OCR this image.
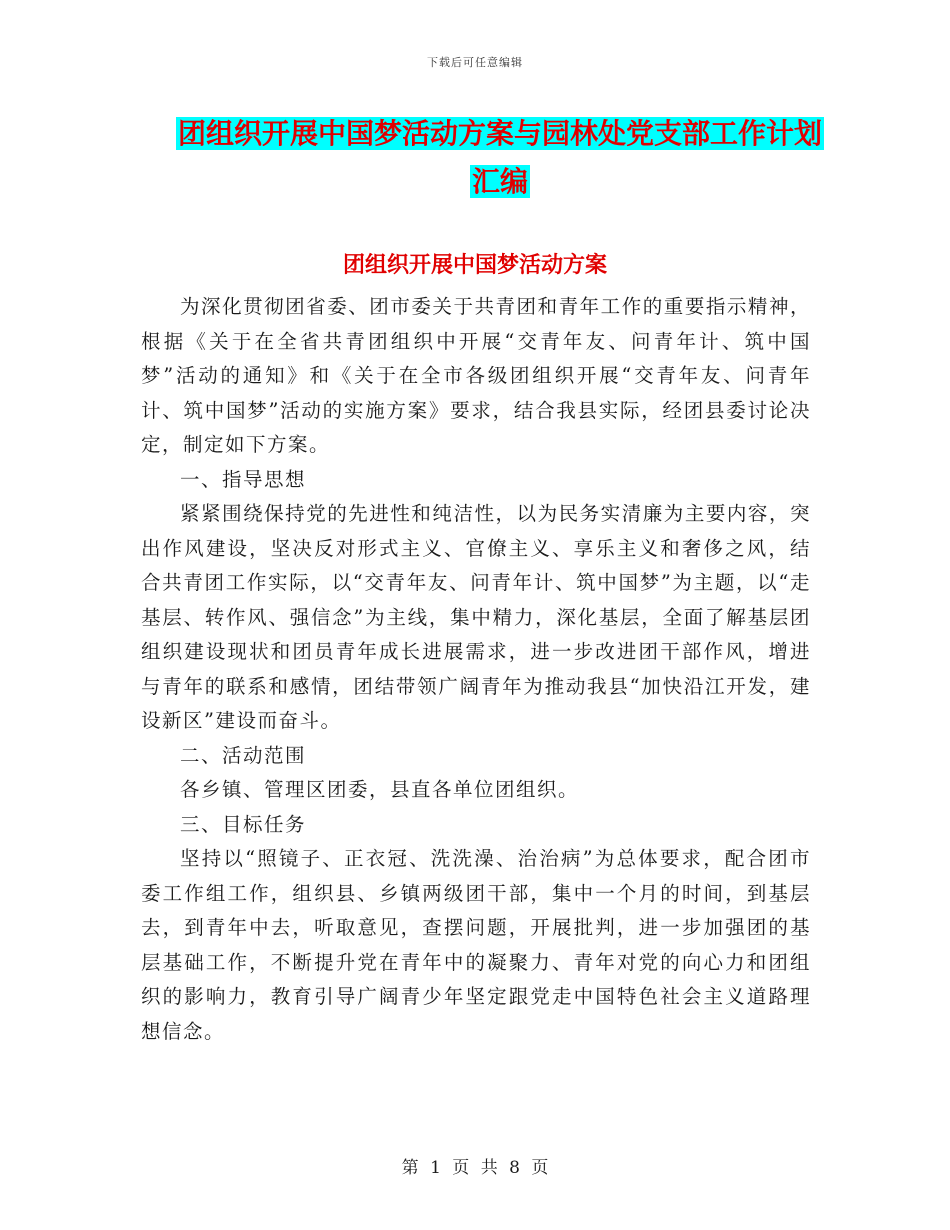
下载后可任意编辑
团组织开展中国梦活动方案与园林处党支部工作计划
汇编
团组织开展中国梦活动方案

为深化贯彻团省委、团市委关于共青团和青年工作的重要指示精神，根据《关于在全省共青团组织中开展“交青年友、问青年计、筑中国梦”活动的通知》和《关于在全市各级团组织开展“交青年友、问青年计、筑中国梦”活动的实施方案》要求，结合我县实际，经团县委讨论决定，制定如下方案。

一、指导思想

紧紧围绕保持党的先进性和纯洁性，以为民务实清廉为主要内容，突出作风建设，坚决反对形式主义、官僚主义、享乐主义和奢侈之风，结合共青团工作实际，以“交青年友、问青年计、筑中国梦”为主题，以“走基层、转作风、强信念”为主线，集中精力，深化基层，全面了解基层团组织建设现状和团员青年成长进展需求，进一步改进团干部作风，增进与青年的联系和感情，团结带领广阔青年为推动我县“加快沿江开发，建设新区”建设而奋斗。

二、活动范围

各乡镇、管理区团委，县直各单位团组织。

三、目标任务

坚持以“照镜子、正衣冠、洗洗澡、治治病”为总体要求，配合团市委工作组工作，组织县、乡镇两级团干部，集中一个月的时间，到基层去，到青年中去，听取意见，查摆问题，开展批判，进一步加强团的基层基础工作，不断提升党在青年中的凝聚力、青年对党的向心力和团组织的影响力，教育引导广阔青少年坚定跟党走中国特色社会主义道路理想信念。

第 1 页 共 8 页
